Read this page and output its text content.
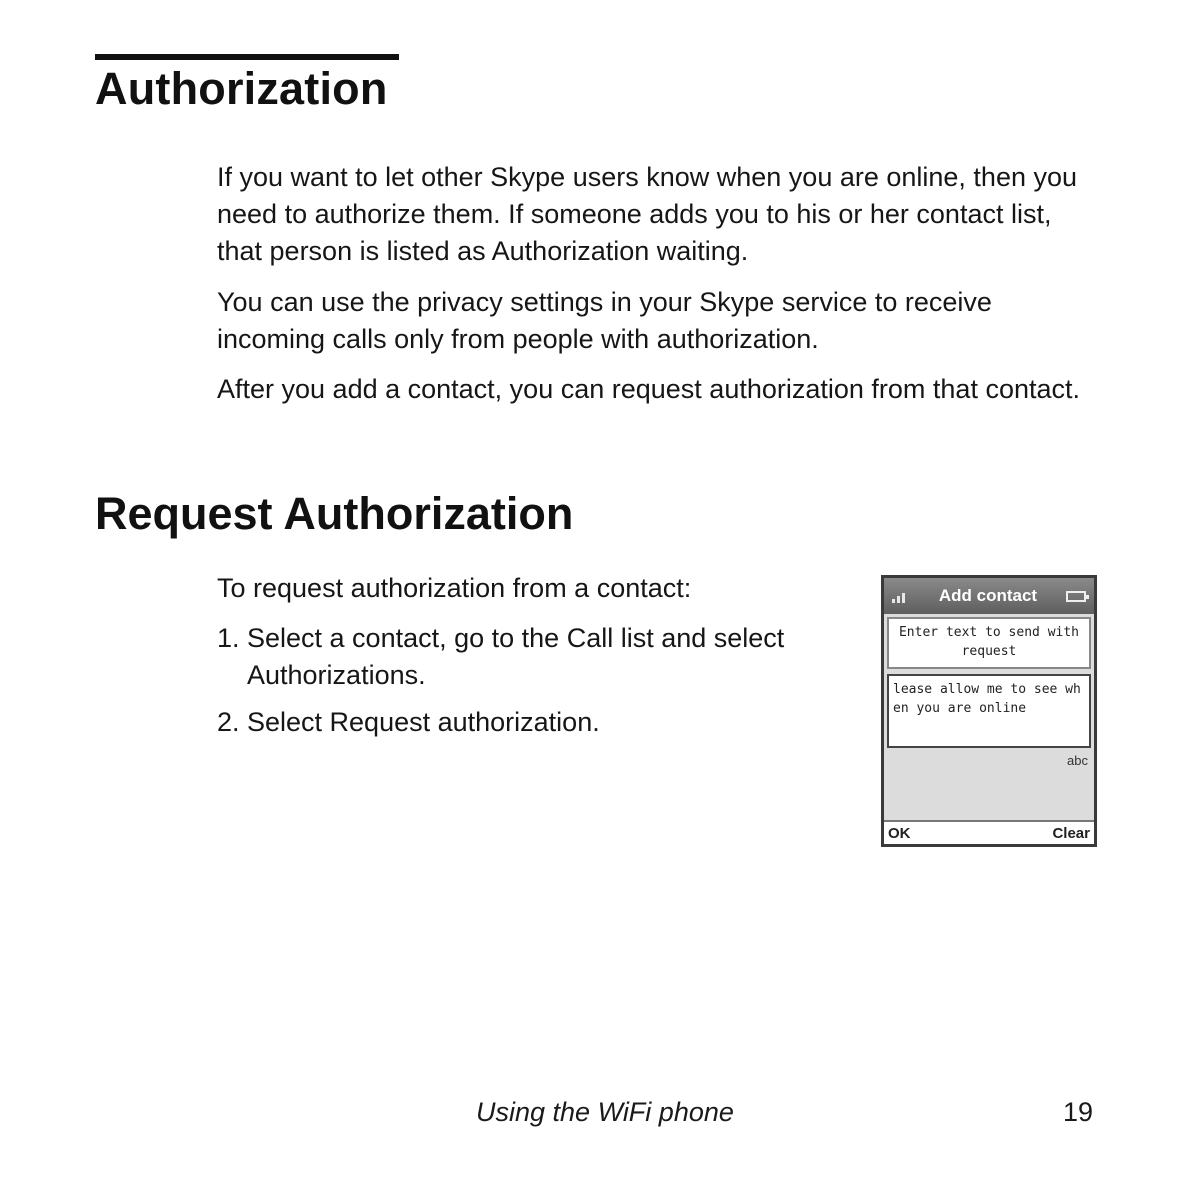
Authorization

If you want to let other Skype users know when you are online, then you need to authorize them. If someone adds you to his or her contact list, that person is listed as Authorization waiting.

You can use the privacy settings in your Skype service to receive incoming calls only from people with authorization.

After you add a contact, you can request authorization from that contact.

Request Authorization

To request authorization from a contact:

1. Select a contact, go to the Call list and select Authorizations.
2. Select Request authorization.
Add contact
Enter text to send with request
lease allow me to see when you are online
abc
OK	Clear
Using the WiFi phone	19
